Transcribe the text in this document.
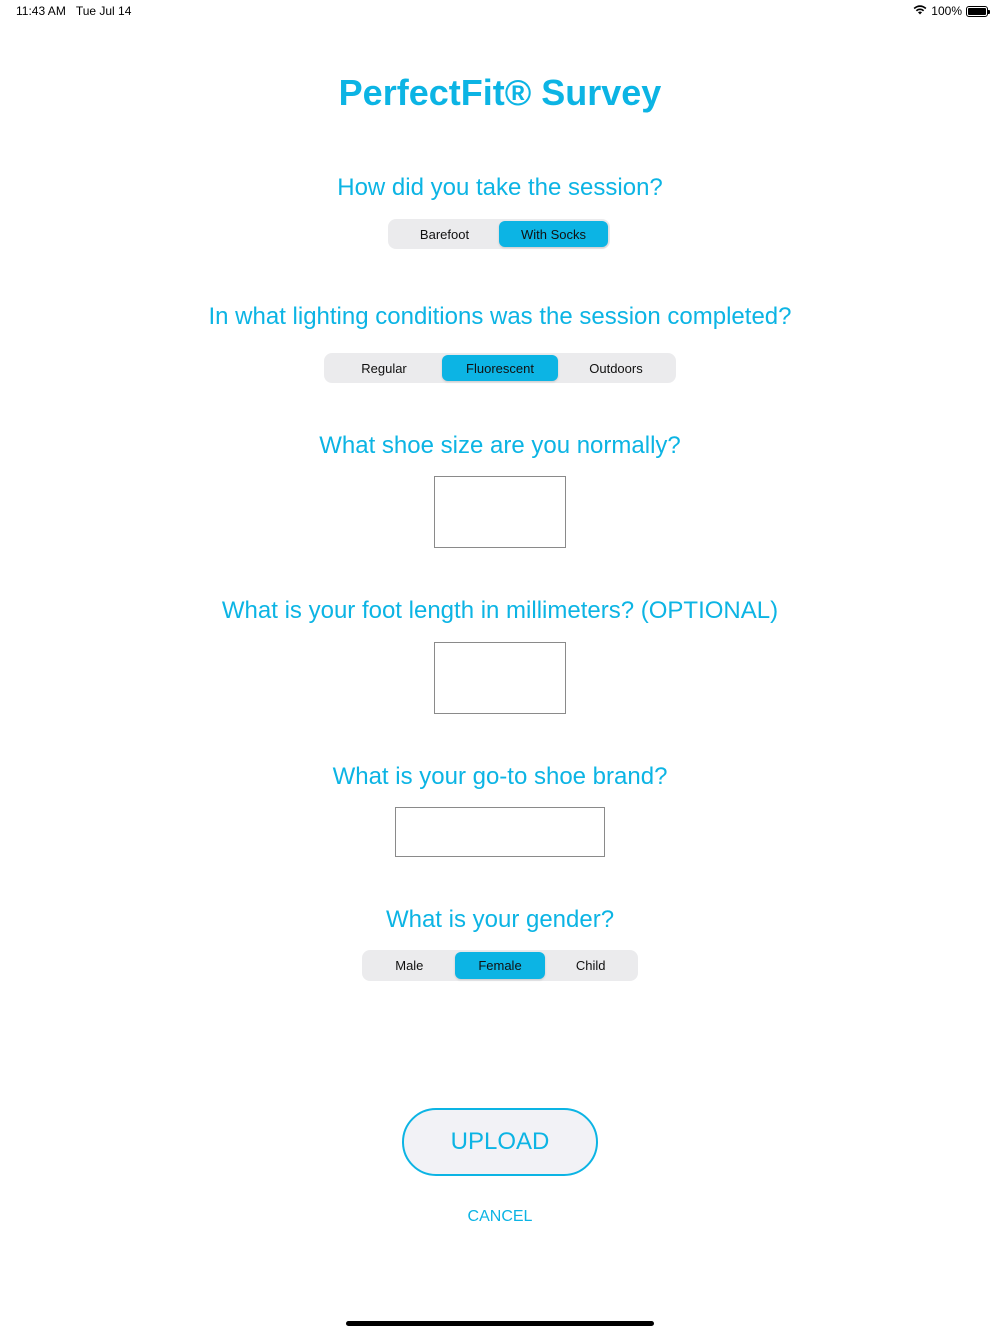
11:43 AM Tue Jul 14	100%
PerfectFit® Survey
How did you take the session?
Barefoot	With Socks
In what lighting conditions was the session completed?
Regular	Fluorescent	Outdoors
What shoe size are you normally?
What is your foot length in millimeters? (OPTIONAL)
What is your go-to shoe brand?
What is your gender?
Male	Female	Child
UPLOAD
CANCEL
